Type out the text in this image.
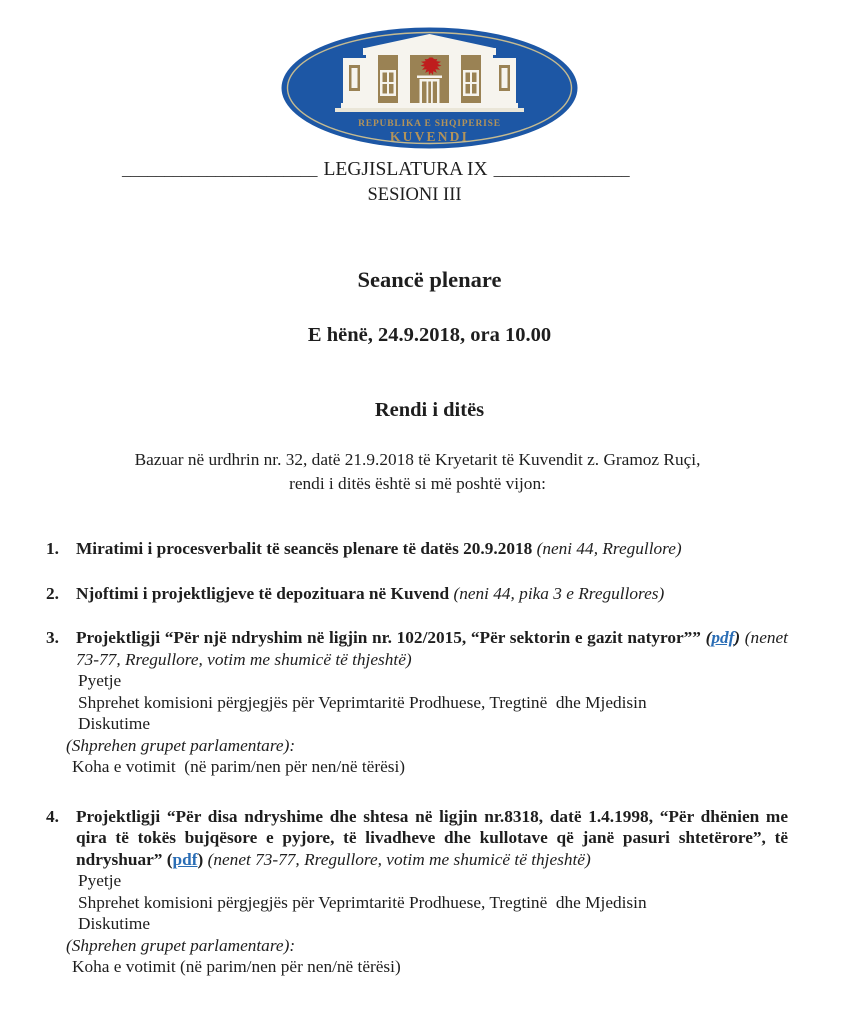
REPUBLIKA E SHQIPERISE
KUVENDI
_______________________ LEGJISLATURA IX ________________
SESIONI III
Seancë plenare
E hënë, 24.9.2018, ora 10.00
Rendi i ditës
Bazuar në urdhrin nr. 32, datë 21.9.2018 të Kryetarit të Kuvendit z. Gramoz Ruçi,
rendi i ditës është si më poshtë vijon:
1. Miratimi i procesverbalit të seancës plenare të datës 20.9.2018 (neni 44, Rregullore)

2. Njoftimi i projektligjeve të depozituara në Kuvend (neni 44, pika 3 e Rregullores)

3. Projektligji “Për një ndryshim në ligjin nr. 102/2015, “Për sektorin e gazit natyror”” (pdf) (nenet 73-77, Rregullore, votim me shumicë të thjeshtë)

Pyetje
Shprehet komisioni përgjegjës për Veprimtaritë Prodhuese, Tregtinë  dhe Mjedisin
Diskutime
(Shprehen grupet parlamentare):
Koha e votimit  (në parim/nen për nen/në tërësi)
4. Projektligji “Për disa ndryshime dhe shtesa në ligjin nr.8318, datë 1.4.1998, “Për dhënien me qira të tokës bujqësore e pyjore, të livadheve dhe kullotave që janë pasuri shtetërore”, të ndryshuar” (pdf) (nenet 73-77, Rregullore, votim me shumicë të thjeshtë)

Pyetje
Shprehet komisioni përgjegjës për Veprimtaritë Prodhuese, Tregtinë  dhe Mjedisin
Diskutime
(Shprehen grupet parlamentare):
Koha e votimit (në parim/nen për nen/në tërësi)
